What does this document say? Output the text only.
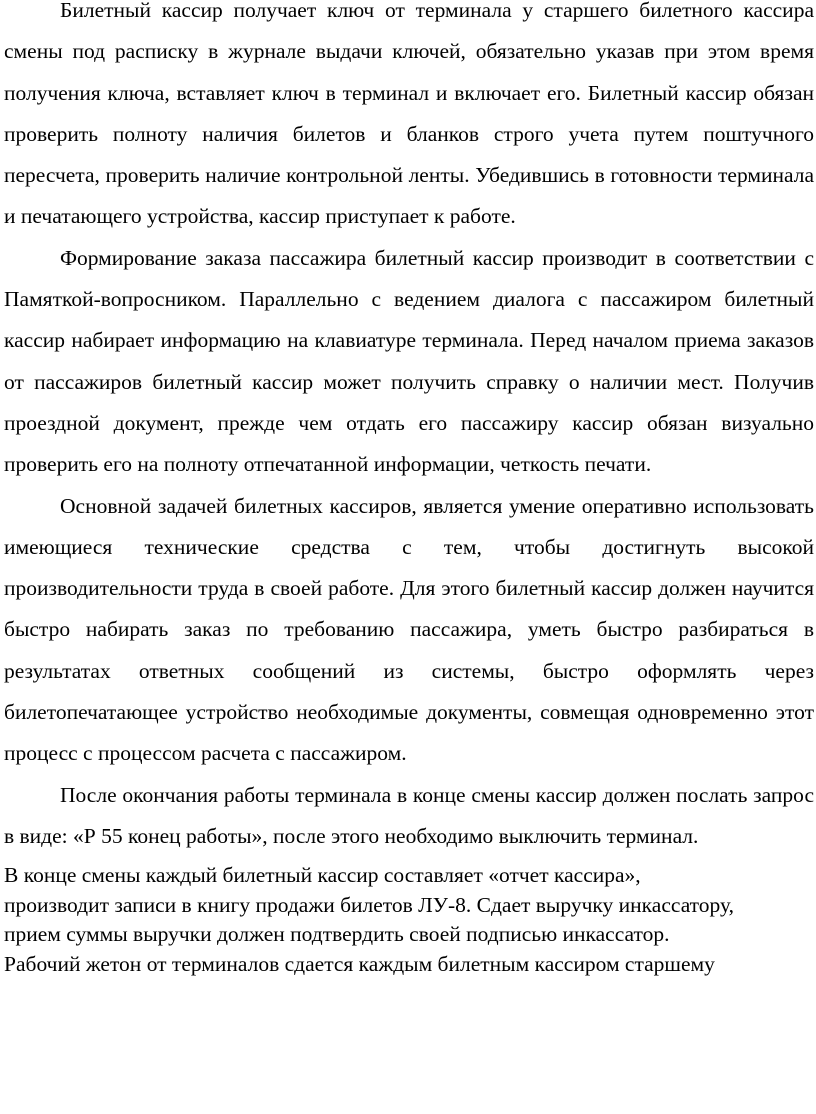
Билетный кассир получает ключ от терминала у старшего билетного кассира смены под расписку в журнале выдачи ключей, обязательно указав при этом время получения ключа, вставляет ключ в терминал и включает его. Билетный кассир обязан проверить полноту наличия билетов и бланков строго учета путем поштучного пересчета, проверить наличие контрольной ленты. Убедившись в готовности терминала и печатающего устройства, кассир приступает к работе.

Формирование заказа пассажира билетный кассир производит в соответствии с Памяткой-вопросником. Параллельно с ведением диалога с пассажиром билетный кассир набирает информацию на клавиатуре терминала. Перед началом приема заказов от пассажиров билетный кассир может получить справку о наличии мест. Получив проездной документ, прежде чем отдать его пассажиру кассир обязан визуально проверить его на полноту отпечатанной информации, четкость печати.

Основной задачей билетных кассиров, является умение оперативно использовать имеющиеся технические средства с тем, чтобы достигнуть высокой производительности труда в своей работе. Для этого билетный кассир должен научится быстро набирать заказ по требованию пассажира, уметь быстро разбираться в результатах ответных сообщений из системы, быстро оформлять через билетопечатающее устройство необходимые документы, совмещая одновременно этот процесс с процессом расчета с пассажиром.

После окончания работы терминала в конце смены кассир должен послать запрос в виде: «Р 55 конец работы», после этого необходимо выключить терминал.

В конце смены каждый билетный кассир составляет «отчет кассира»,
производит записи в книгу продажи билетов ЛУ-8. Сдает выручку инкассатору,
прием суммы выручки должен подтвердить своей подписью инкассатор.
Рабочий жетон от терминалов сдается каждым билетным кассиром старшему
